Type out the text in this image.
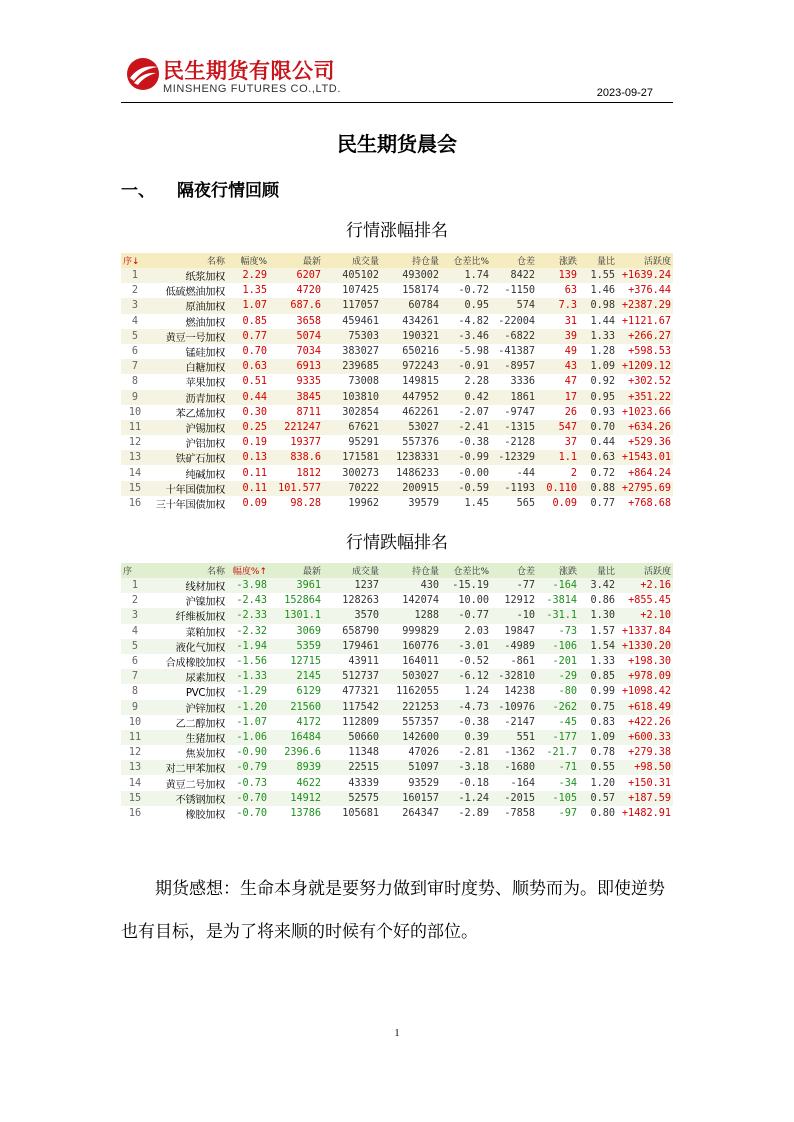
民生期货有限公司
MINSHENG FUTURES CO.,LTD.	2023-09-27
民生期货晨会
一、 隔夜行情回顾
行情涨幅排名
序↓	名称	幅度%	最新	成交量	持仓量	仓差比%	仓差	涨跌	量比	活跃度
1	纸浆加权	2.29	6207	405102	493002	1.74	8422	139	1.55	+1639.24
2	低硫燃油加权	1.35	4720	107425	158174	-0.72	-1150	63	1.46	+376.44
3	原油加权	1.07	687.6	117057	60784	0.95	574	7.3	0.98	+2387.29
4	燃油加权	0.85	3658	459461	434261	-4.82	-22004	31	1.44	+1121.67
5	黄豆一号加权	0.77	5074	75303	190321	-3.46	-6822	39	1.33	+266.27
6	锰硅加权	0.70	7034	383027	650216	-5.98	-41387	49	1.28	+598.53
7	白糖加权	0.63	6913	239685	972243	-0.91	-8957	43	1.09	+1209.12
8	苹果加权	0.51	9335	73008	149815	2.28	3336	47	0.92	+302.52
9	沥青加权	0.44	3845	103810	447952	0.42	1861	17	0.95	+351.22
10	苯乙烯加权	0.30	8711	302854	462261	-2.07	-9747	26	0.93	+1023.66
11	沪锡加权	0.25	221247	67621	53027	-2.41	-1315	547	0.70	+634.26
12	沪铝加权	0.19	19377	95291	557376	-0.38	-2128	37	0.44	+529.36
13	铁矿石加权	0.13	838.6	171581	1238331	-0.99	-12329	1.1	0.63	+1543.01
14	纯碱加权	0.11	1812	300273	1486233	-0.00	-44	2	0.72	+864.24
15	十年国债加权	0.11	101.577	70222	200915	-0.59	-1193	0.110	0.88	+2795.69
16	三十年国债加权	0.09	98.28	19962	39579	1.45	565	0.09	0.77	+768.68
行情跌幅排名
序	名称	幅度%↑	最新	成交量	持仓量	仓差比%	仓差	涨跌	量比	活跃度
1	线材加权	-3.98	3961	1237	430	-15.19	-77	-164	3.42	+2.16
2	沪镍加权	-2.43	152864	128263	142074	10.00	12912	-3814	0.86	+855.45
3	纤维板加权	-2.33	1301.1	3570	1288	-0.77	-10	-31.1	1.30	+2.10
4	菜粕加权	-2.32	3069	658790	999829	2.03	19847	-73	1.57	+1337.84
5	液化气加权	-1.94	5359	179461	160776	-3.01	-4989	-106	1.54	+1330.20
6	合成橡胶加权	-1.56	12715	43911	164011	-0.52	-861	-201	1.33	+198.30
7	尿素加权	-1.33	2145	512737	503027	-6.12	-32810	-29	0.85	+978.09
8	PVC加权	-1.29	6129	477321	1162055	1.24	14238	-80	0.99	+1098.42
9	沪锌加权	-1.20	21560	117542	221253	-4.73	-10976	-262	0.75	+618.49
10	乙二醇加权	-1.07	4172	112809	557357	-0.38	-2147	-45	0.83	+422.26
11	生猪加权	-1.06	16484	50660	142600	0.39	551	-177	1.09	+600.33
12	焦炭加权	-0.90	2396.6	11348	47026	-2.81	-1362	-21.7	0.78	+279.38
13	对二甲苯加权	-0.79	8939	22515	51097	-3.18	-1680	-71	0.55	+98.50
14	黄豆二号加权	-0.73	4622	43339	93529	-0.18	-164	-34	1.20	+150.31
15	不锈钢加权	-0.70	14912	52575	160157	-1.24	-2015	-105	0.57	+187.59
16	橡胶加权	-0.70	13786	105681	264347	-2.89	-7858	-97	0.80	+1482.91
期货感想：生命本身就是要努力做到审时度势、顺势而为。即使逆势也有目标，是为了将来顺的时候有个好的部位。
1
